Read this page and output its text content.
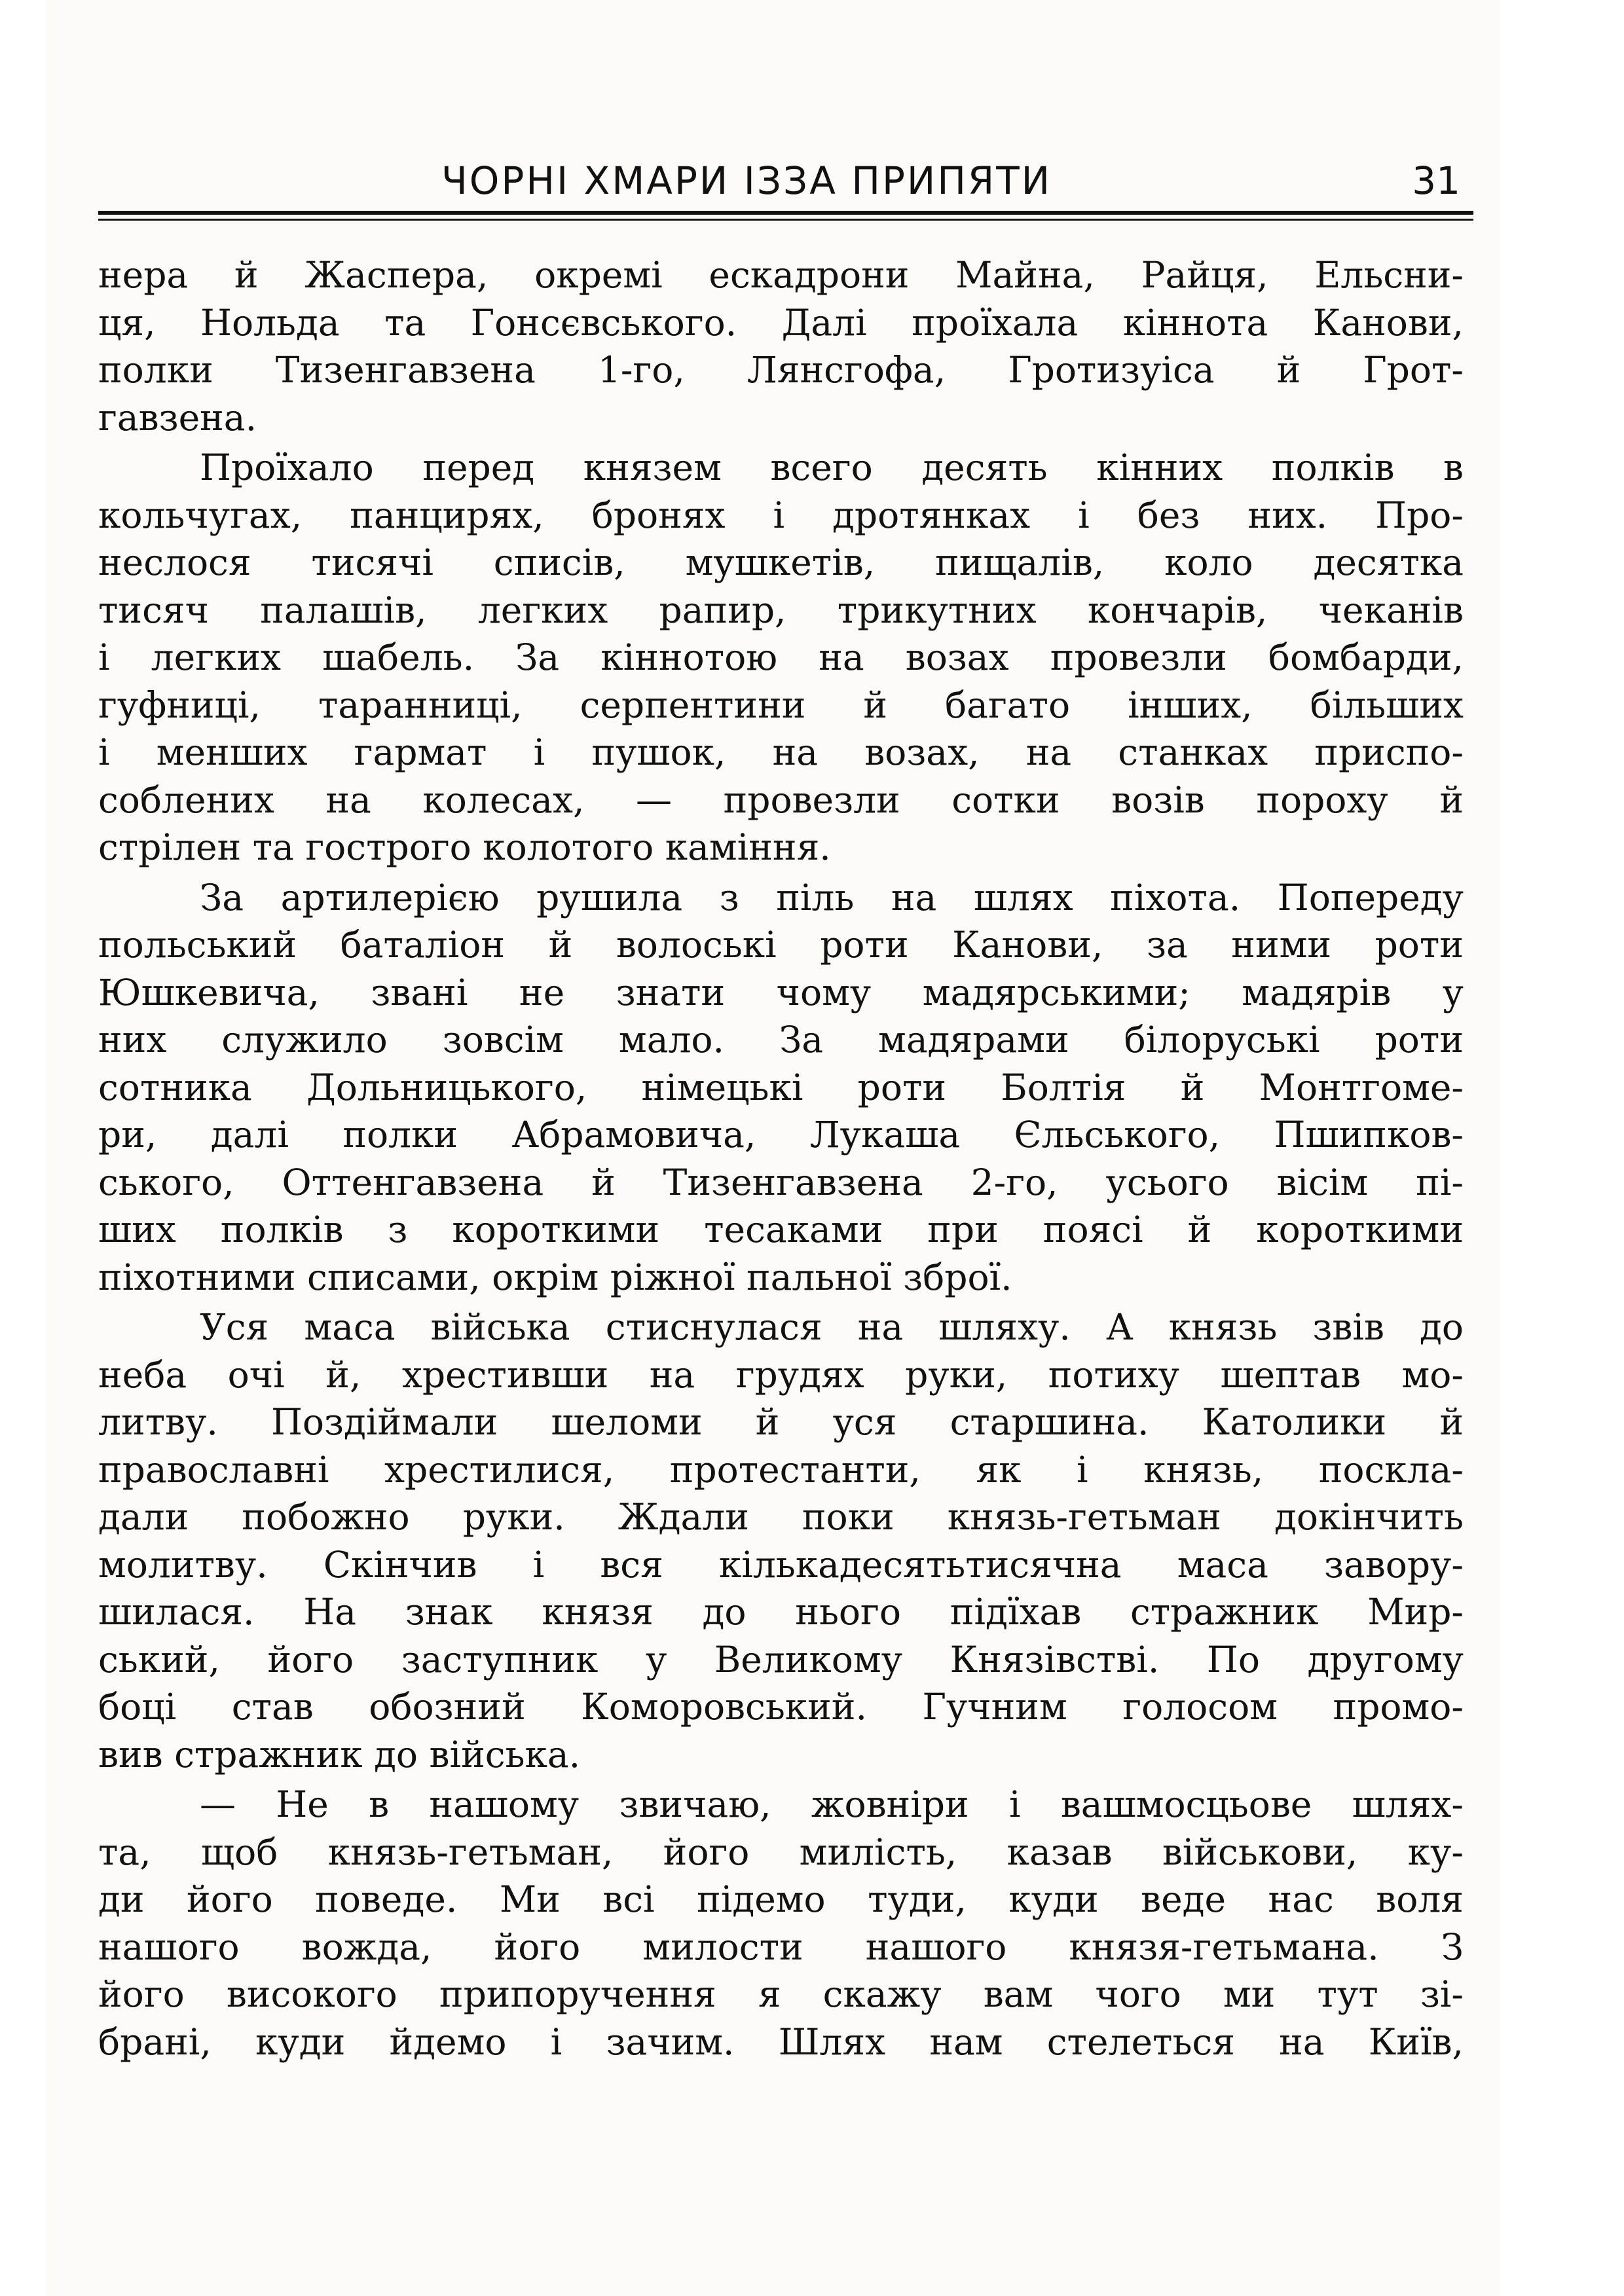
ЧОРНІ ХМАРИ ІЗЗА ПРИПЯТИ	31
нера й Жаспера, окремі ескадрони Майна, Райця, Ельсни-
ця, Нольда та Гонсєвського. Далі проїхала кіннота Канови,
полки Тизенгавзена 1-го, Лянсгофа, Гротизуіса й Грот-
гавзена.
Проїхало перед князем всего десять кінних полків в
кольчугах, панцирях, бронях і дротянках і без них. Про-
неслося тисячі списів, мушкетів, пищалів, коло десятка
тисяч палашів, легких рапир, трикутних кончарів, чеканів
і легких шабель. За кіннотою на возах провезли бомбарди,
гуфниці, таранниці, серпентини й багато інших, більших
і менших гармат і пушок, на возах, на станках приспо-
соблених на колесах, — провезли сотки возів пороху й
стрілен та гострого колотого каміння.
За артилерією рушила з піль на шлях піхота. Попереду
польський баталіон й волоські роти Канови, за ними роти
Юшкевича, звані не знати чому мадярськими; мадярів у
них служило зовсім мало. За мадярами білоруські роти
сотника Дольницького, німецькі роти Болтія й Монтгоме-
ри, далі полки Абрамовича, Лукаша Єльського, Пшипков-
ського, Оттенгавзена й Тизенгавзена 2-го, усього вісім пі-
ших полків з короткими тесаками при поясі й короткими
піхотними списами, окрім ріжної пальної зброї.
Уся маса війська стиснулася на шляху. А князь звів до
неба очі й, хрестивши на грудях руки, потиху шептав мо-
литву. Поздіймали шеломи й уся старшина. Католики й
православні хрестилися, протестанти, як і князь, поскла-
дали побожно руки. Ждали поки князь-гетьман докінчить
молитву. Скінчив і вся кількадесятьтисячна маса завору-
шилася. На знак князя до нього підїхав стражник Мир-
ський, його заступник у Великому Князівстві. По другому
боці став обозний Коморовський. Гучним голосом промо-
вив стражник до війська.
— Не в нашому звичаю, жовніри і вашмосцьове шлях-
та, щоб князь-гетьман, його милість, казав військови, ку-
ди його поведе. Ми всі підемо туди, куди веде нас воля
нашого вожда, його милости нашого князя-гетьмана. З
його високого припоручення я скажу вам чого ми тут зі-
брані, куди йдемо і зачим. Шлях нам стелеться на Київ,
